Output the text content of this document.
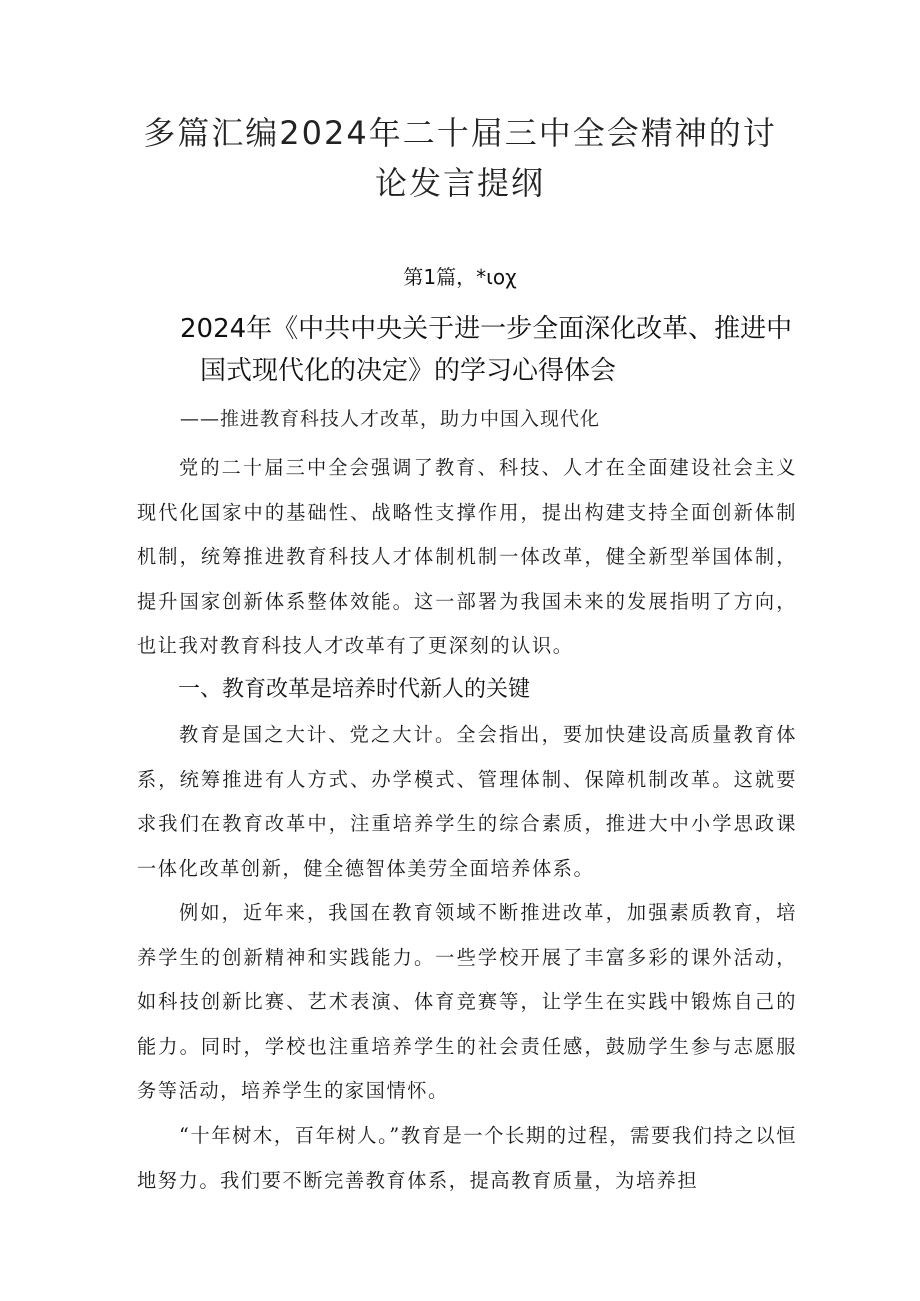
多篇汇编2024年二十届三中全会精神的讨
论发言提纲
第1篇，*ιοχ
2024年《中共中央关于进一步全面深化改革、推进中
国式现代化的决定》的学习心得体会
——推进教育科技人才改革，助力中国入现代化

党的二十届三中全会强调了教育、科技、人才在全面建设社会主义现代化国家中的基础性、战略性支撑作用，提出构建支持全面创新体制机制，统筹推进教育科技人才体制机制一体改革，健全新型举国体制，提升国家创新体系整体效能。这一部署为我国未来的发展指明了方向，也让我对教育科技人才改革有了更深刻的认识。

一、教育改革是培养时代新人的关键

教育是国之大计、党之大计。全会指出，要加快建设高质量教育体系，统筹推进有人方式、办学模式、管理体制、保障机制改革。这就要求我们在教育改革中，注重培养学生的综合素质，推进大中小学思政课一体化改革创新，健全德智体美劳全面培养体系。

例如，近年来，我国在教育领域不断推进改革，加强素质教育，培养学生的创新精神和实践能力。一些学校开展了丰富多彩的课外活动，如科技创新比赛、艺术表演、体育竞赛等，让学生在实践中锻炼自己的能力。同时，学校也注重培养学生的社会责任感，鼓励学生参与志愿服务等活动，培养学生的家国情怀。

“十年树木，百年树人。”教育是一个长期的过程，需要我们持之以恒地努力。我们要不断完善教育体系，提高教育质量，为培养担
